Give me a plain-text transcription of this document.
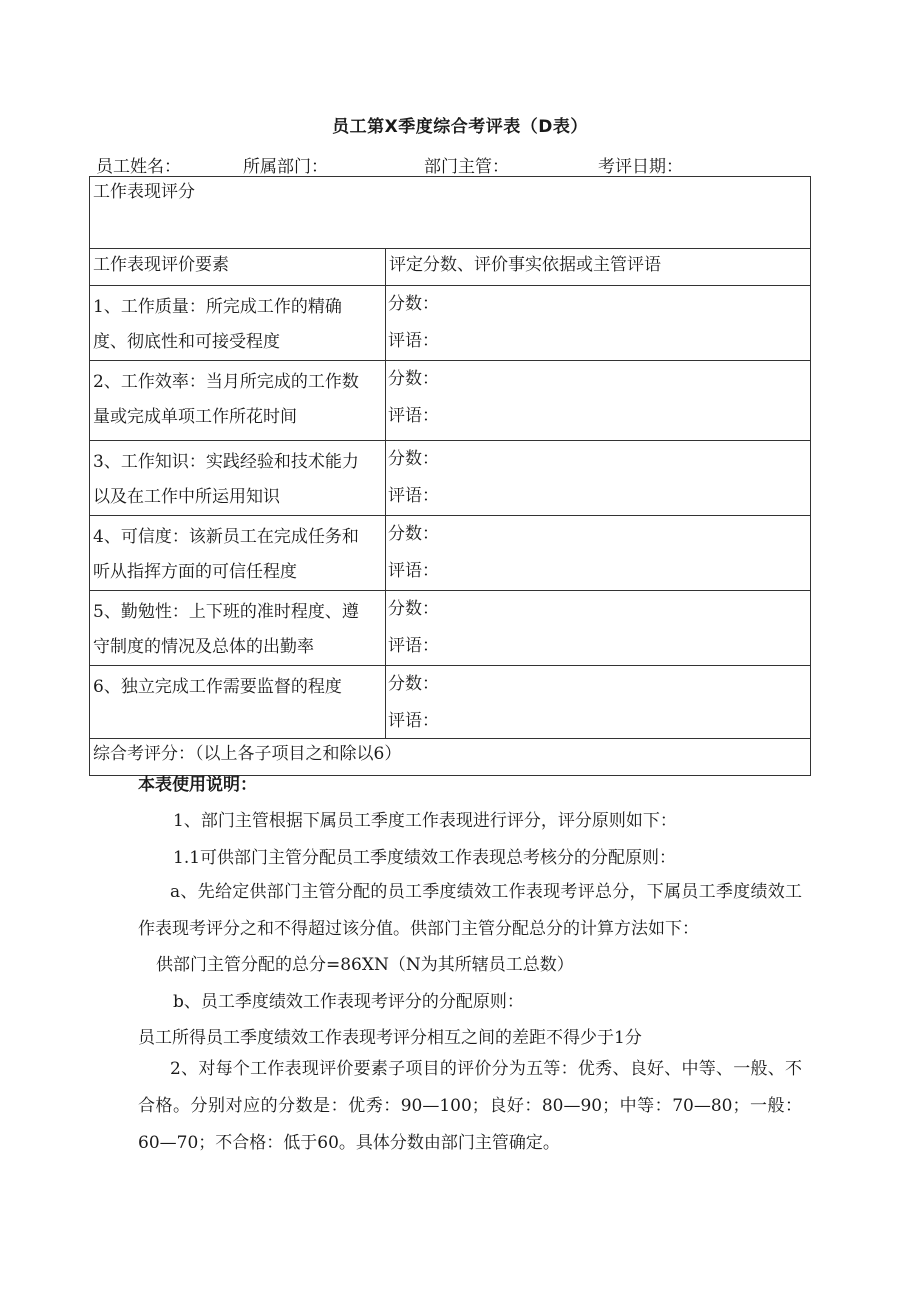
员工第X季度综合考评表（D表）
员工姓名：	所属部门：	部门主管：	考评日期：
工作表现评分	
工作表现评价要素	评定分数、评价事实依据或主管评语
1、工作质量：所完成工作的精确
度、彻底性和可接受程度	分数：
评语：
2、工作效率：当月所完成的工作数
量或完成单项工作所花时间	分数：
评语：
3、工作知识：实践经验和技术能力
以及在工作中所运用知识	分数：
评语：
4、可信度：该新员工在完成任务和
听从指挥方面的可信任程度	分数：
评语：
5、勤勉性：上下班的准时程度、遵
守制度的情况及总体的出勤率	分数：
评语：
6、独立完成工作需要监督的程度	分数：
评语：
综合考评分：（以上各子项目之和除以6）	
本表使用说明：
1、部门主管根据下属员工季度工作表现进行评分，评分原则如下：
1.1可供部门主管分配员工季度绩效工作表现总考核分的分配原则：
a、先给定供部门主管分配的员工季度绩效工作表现考评总分，下属员工季度绩效工作表现考评分之和不得超过该分值。供部门主管分配总分的计算方法如下：
供部门主管分配的总分=86XN（N为其所辖员工总数）
b、员工季度绩效工作表现考评分的分配原则：
员工所得员工季度绩效工作表现考评分相互之间的差距不得少于1分
2、对每个工作表现评价要素子项目的评价分为五等：优秀、良好、中等、一般、不合格。分别对应的分数是：优秀：90—100；良好：80—90；中等：70—80；一般：60—70；不合格：低于60。具体分数由部门主管确定。
